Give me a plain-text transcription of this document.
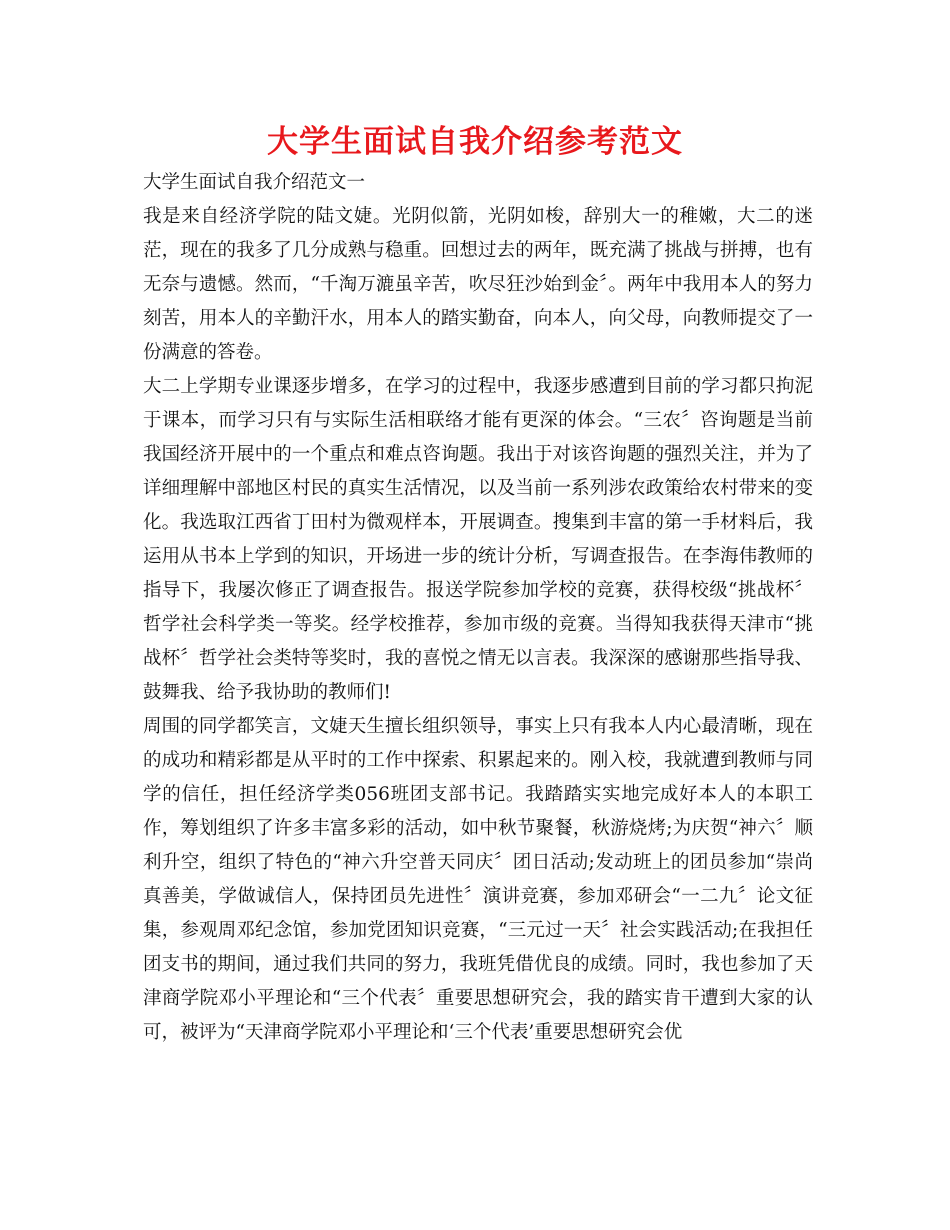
大学生面试自我介绍参考范文

大学生面试自我介绍范文一

我是来自经济学院的陆文婕。光阴似箭，光阴如梭，辞别大一的稚嫩，大二的迷茫，现在的我多了几分成熟与稳重。回想过去的两年，既充满了挑战与拼搏，也有无奈与遗憾。然而，“千淘万漉虽辛苦，吹尽狂沙始到金〞。两年中我用本人的努力刻苦，用本人的辛勤汗水，用本人的踏实勤奋，向本人，向父母，向教师提交了一份满意的答卷。

大二上学期专业课逐步增多，在学习的过程中，我逐步感遭到目前的学习都只拘泥于课本，而学习只有与实际生活相联络才能有更深的体会。“三农〞咨询题是当前我国经济开展中的一个重点和难点咨询题。我出于对该咨询题的强烈关注，并为了详细理解中部地区村民的真实生活情况，以及当前一系列涉农政策给农村带来的变化。我选取江西省丁田村为微观样本，开展调查。搜集到丰富的第一手材料后，我运用从书本上学到的知识，开场进一步的统计分析，写调查报告。在李海伟教师的指导下，我屡次修正了调查报告。报送学院参加学校的竞赛，获得校级“挑战杯〞哲学社会科学类一等奖。经学校推荐，参加市级的竞赛。当得知我获得天津市“挑战杯〞哲学社会类特等奖时，我的喜悦之情无以言表。我深深的感谢那些指导我、鼓舞我、给予我协助的教师们!

周围的同学都笑言，文婕天生擅长组织领导，事实上只有我本人内心最清晰，现在的成功和精彩都是从平时的工作中探索、积累起来的。刚入校，我就遭到教师与同学的信任，担任经济学类056班团支部书记。我踏踏实实地完成好本人的本职工作，筹划组织了许多丰富多彩的活动，如中秋节聚餐，秋游烧烤;为庆贺“神六〞顺利升空，组织了特色的“神六升空普天同庆〞团日活动;发动班上的团员参加“崇尚真善美，学做诚信人，保持团员先进性〞演讲竞赛，参加邓研会“一二九〞论文征集，参观周邓纪念馆，参加党团知识竞赛，“三元过一天〞社会实践活动;在我担任团支书的期间，通过我们共同的努力，我班凭借优良的成绩。同时，我也参加了天津商学院邓小平理论和“三个代表〞重要思想研究会，我的踏实肯干遭到大家的认可，被评为“天津商学院邓小平理论和‘三个代表’重要思想研究会优
